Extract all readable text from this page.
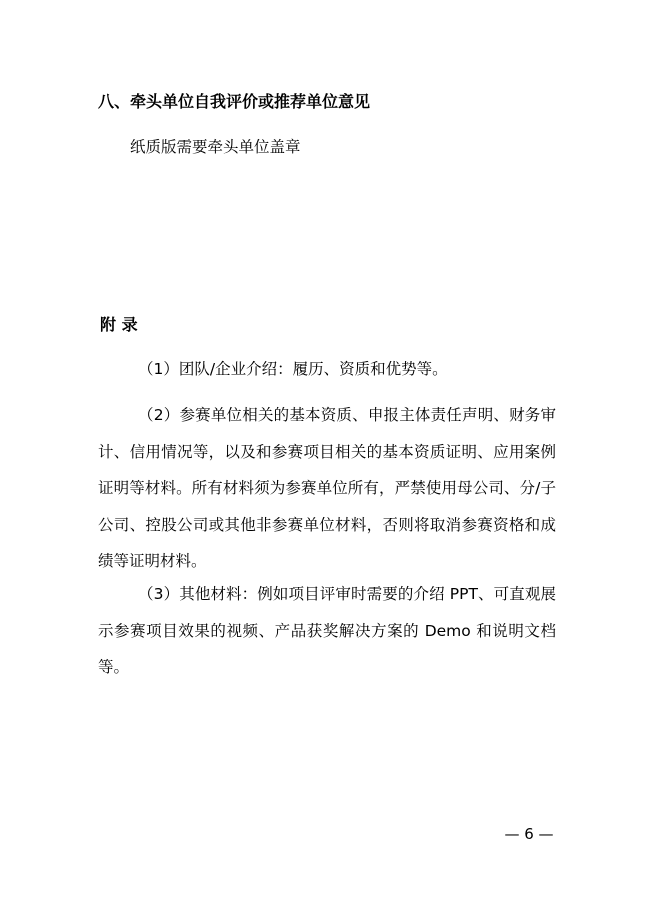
八、牵头单位自我评价或推荐单位意见
纸质版需要牵头单位盖章
附 录

（1）团队/企业介绍：履历、资质和优势等。

（2）参赛单位相关的基本资质、申报主体责任声明、财务审计、信用情况等，以及和参赛项目相关的基本资质证明、应用案例证明等材料。所有材料须为参赛单位所有，严禁使用母公司、分/子公司、控股公司或其他非参赛单位材料，否则将取消参赛资格和成绩等证明材料。

（3）其他材料：例如项目评审时需要的介绍 PPT、可直观展示参赛项目效果的视频、产品获奖解决方案的 Demo 和说明文档等。

— 6 —
